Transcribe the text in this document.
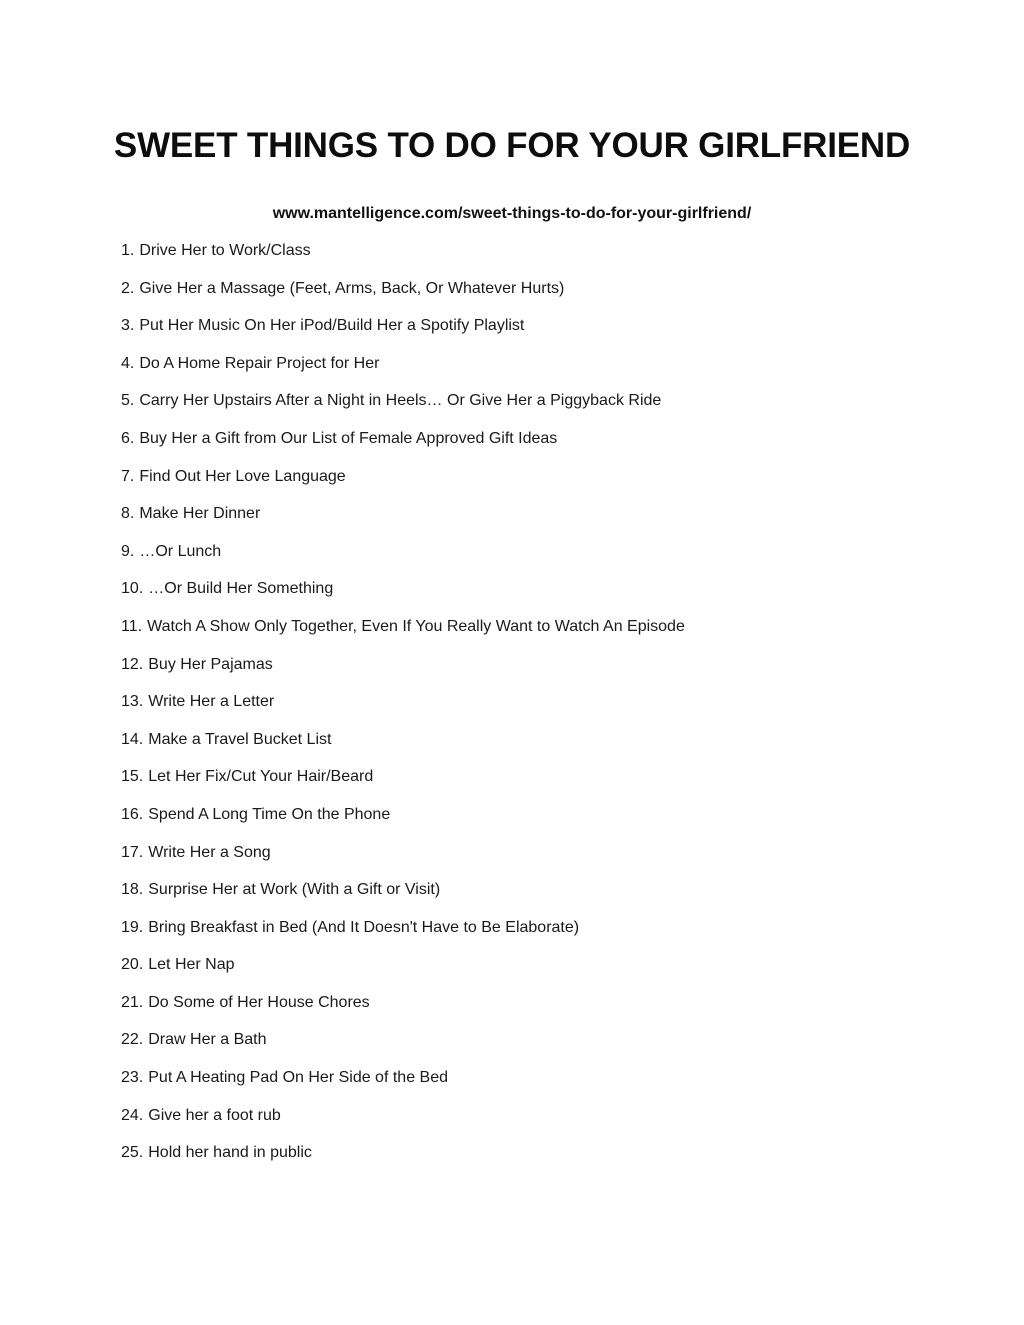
SWEET THINGS TO DO FOR YOUR GIRLFRIEND

www.mantelligence.com/sweet-things-to-do-for-your-girlfriend/

1. Drive Her to Work/Class
2. Give Her a Massage (Feet, Arms, Back, Or Whatever Hurts)
3. Put Her Music On Her iPod/Build Her a Spotify Playlist
4. Do A Home Repair Project for Her
5. Carry Her Upstairs After a Night in Heels… Or Give Her a Piggyback Ride
6. Buy Her a Gift from Our List of Female Approved Gift Ideas
7. Find Out Her Love Language
8. Make Her Dinner
9. …Or Lunch
10. …Or Build Her Something
11. Watch A Show Only Together, Even If You Really Want to Watch An Episode
12. Buy Her Pajamas
13. Write Her a Letter
14. Make a Travel Bucket List
15. Let Her Fix/Cut Your Hair/Beard
16. Spend A Long Time On the Phone
17. Write Her a Song
18. Surprise Her at Work (With a Gift or Visit)
19. Bring Breakfast in Bed (And It Doesn't Have to Be Elaborate)
20. Let Her Nap
21. Do Some of Her House Chores
22. Draw Her a Bath
23. Put A Heating Pad On Her Side of the Bed
24. Give her a foot rub
25. Hold her hand in public
